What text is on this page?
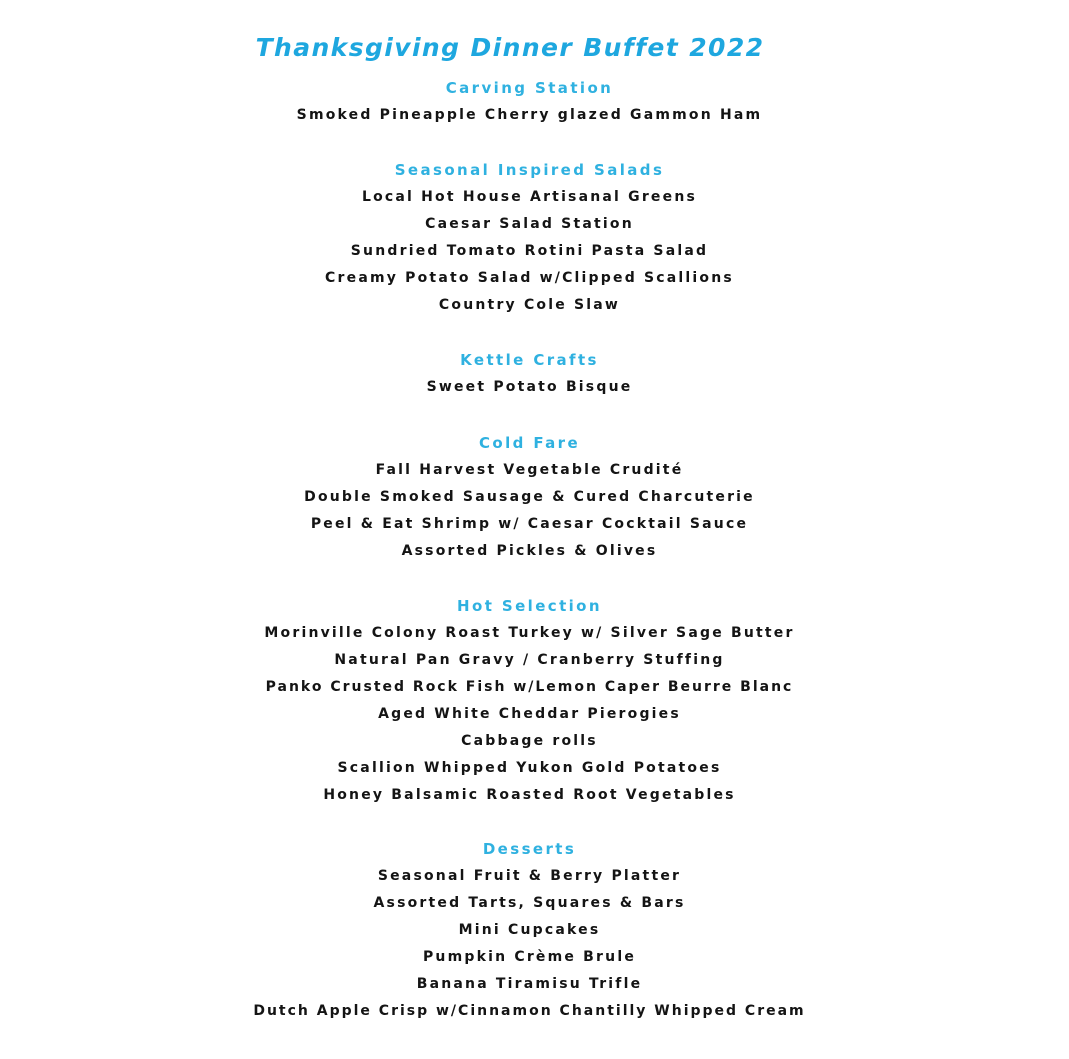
Thanksgiving Dinner Buffet 2022
Carving Station
Smoked Pineapple Cherry glazed Gammon Ham
Seasonal Inspired Salads
Local Hot House Artisanal Greens
Caesar Salad Station
Sundried Tomato Rotini Pasta Salad
Creamy Potato Salad w/Clipped Scallions
Country Cole Slaw
Kettle Crafts
Sweet Potato Bisque
Cold Fare
Fall Harvest Vegetable Crudité
Double Smoked Sausage & Cured Charcuterie
Peel & Eat Shrimp w/ Caesar Cocktail Sauce
Assorted Pickles & Olives
Hot Selection
Morinville Colony Roast Turkey w/ Silver Sage Butter
Natural Pan Gravy / Cranberry Stuffing
Panko Crusted Rock Fish w/Lemon Caper Beurre Blanc
Aged White Cheddar Pierogies
Cabbage rolls
Scallion Whipped Yukon Gold Potatoes
Honey Balsamic Roasted Root Vegetables
Desserts
Seasonal Fruit & Berry Platter
Assorted Tarts, Squares & Bars
Mini Cupcakes
Pumpkin Crème Brule
Banana Tiramisu Trifle
Dutch Apple Crisp w/Cinnamon Chantilly Whipped Cream
